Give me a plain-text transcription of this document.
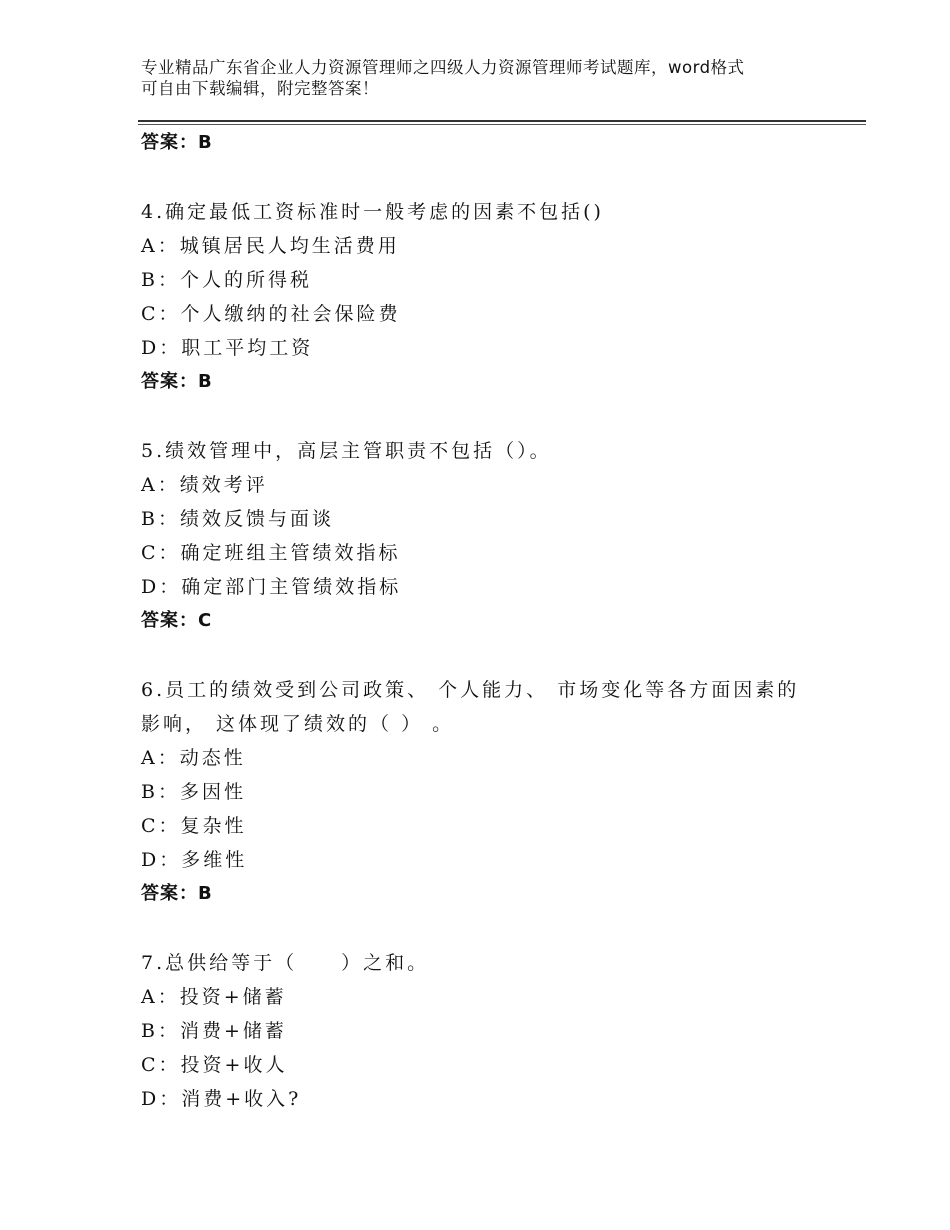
专业精品广东省企业人力资源管理师之四级人力资源管理师考试题库，word格式
可自由下载编辑，附完整答案！
答案：B
4.确定最低工资标准时一般考虑的因素不包括()
A：城镇居民人均生活费用
B：个人的所得税
C：个人缴纳的社会保险费
D：职工平均工资
答案：B
5.绩效管理中，高层主管职责不包括（）。
A：绩效考评
B：绩效反馈与面谈
C：确定班组主管绩效指标
D：确定部门主管绩效指标
答案：C
6.员工的绩效受到公司政策、 个人能力、 市场变化等各方面因素的
影响， 这体现了绩效的（ ） 。
A：动态性
B：多因性
C：复杂性
D：多维性
答案：B
7.总供给等于（　　）之和。
A：投资+储蓄
B：消费+储蓄
C：投资+收人
D：消费+收入?
